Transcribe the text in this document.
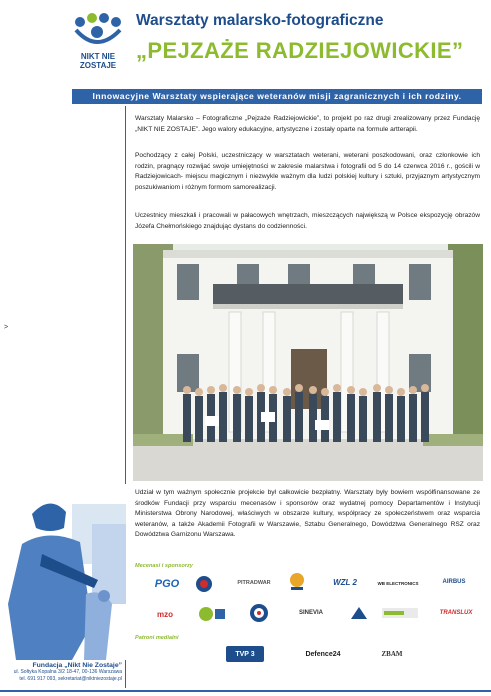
NIKT NIE
ZOSTAJE
Warsztaty malarsko-fotograficzne
„PEJZAŻE RADZIEJOWICKIE”
Innowacyjne Warsztaty wspierające weteranów misji zagranicznych i ich rodziny.
>
Warsztaty Malarsko – Fotograficzne „Pejzaże Radziejowickie”, to projekt po raz drugi zrealizowany przez Fundację „NIKT NIE ZOSTAJE”. Jego walory edukacyjne, artystyczne i zostały oparte na formule artterapii.
Pochodzący z całej Polski, uczestniczący w warsztatach weterani, weterani poszkodowani, oraz członkowie ich rodzin, pragnący rozwijać swoje umiejętności w zakresie malarstwa i fotografii od 5 do 14 czerwca 2016 r., gościli w Radziejowicach- miejscu magicznym i niezwykle ważnym dla ludzi polskiej kultury i sztuki, przyjaznym artystycznym poszukiwaniom i różnym formom samorealizacji.
Uczestnicy mieszkali i pracowali w pałacowych wnętrzach, mieszczących największą w Polsce ekspozycję obrazów Józefa Chełmońskiego znajdując dystans do codzienności.
Udział w tym ważnym społecznie projekcie był całkowicie bezpłatny. Warsztaty były bowiem współfinansowane ze środków Fundacji przy wsparciu mecenasów i sponsorów oraz wydatnej pomocy Departamentów i Instytucji Ministerstwa Obrony Narodowej, właściwych w obszarze kultury, współpracy ze społeczeństwem oraz wsparcia weteranów, a także Akademii Fotografii w Warszawie, Sztabu Generalnego, Dowództwa Generalnego RSZ oraz Dowództwa Garnizonu Warszawa.
Fundacja „Nikt Nie Zostaje”
ul. Sołtyka Kopalna 3/2 18-47, 00-136 Warszawa
tel. 691 917 093, sekretariat@niktniezostaje.pl
Mecenasi i sponsorzy
PGO	PITRADWAR	WZL 2	WB ELECTRONICS	AIRBUS
mzo	SINEVIA	TRANSLUX
Patroni medialni
TVP 3	Defence24	ZBAM
